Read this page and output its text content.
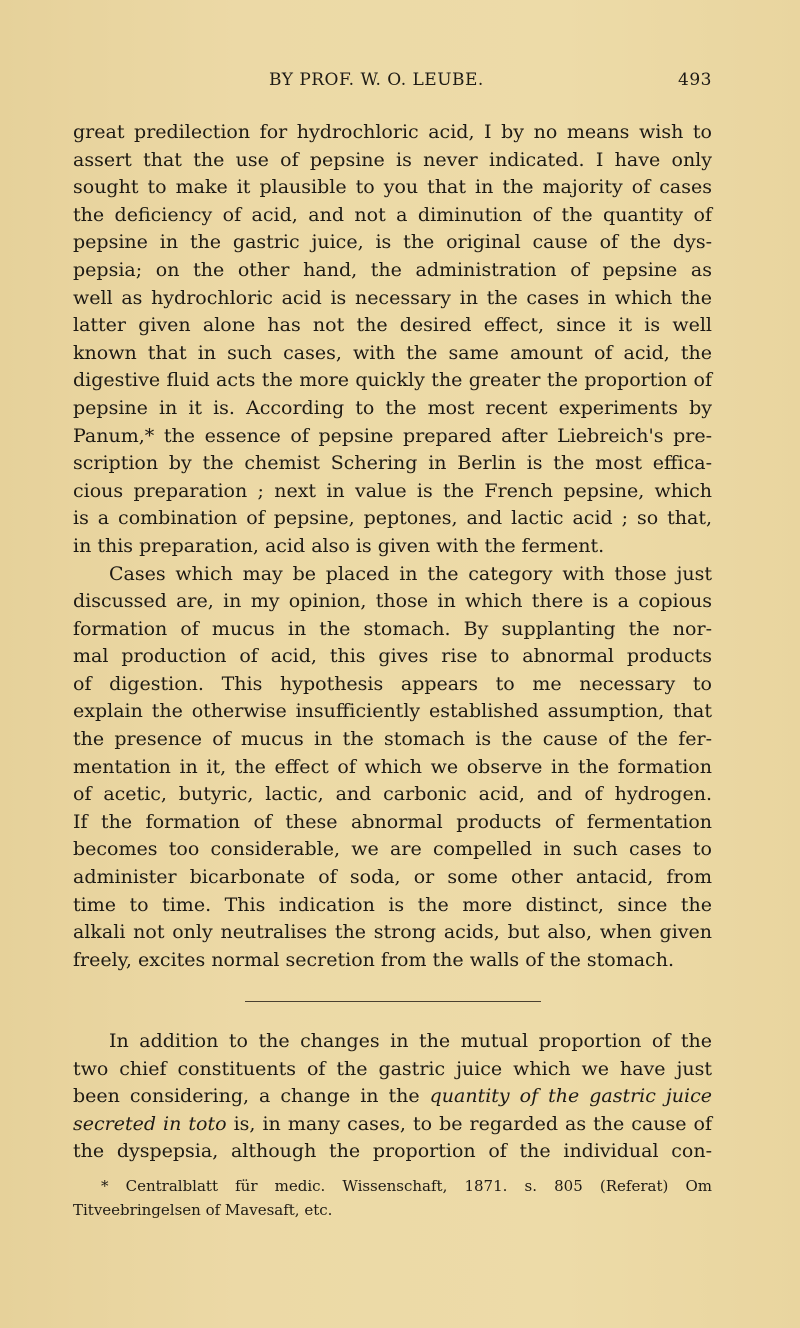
BY PROF. W. O. LEUBE.	493
great predilection for hydrochloric acid, I by no means wish to
assert that the use of pepsine is never indicated. I have only
sought to make it plausible to you that in the majority of cases
the deficiency of acid, and not a diminution of the quantity of
pepsine in the gastric juice, is the original cause of the dys-
pepsia; on the other hand, the administration of pepsine as
well as hydrochloric acid is necessary in the cases in which the
latter given alone has not the desired effect, since it is well
known that in such cases, with the same amount of acid, the
digestive fluid acts the more quickly the greater the proportion of
pepsine in it is. According to the most recent experiments by
Panum,* the essence of pepsine prepared after Liebreich's pre-
scription by the chemist Schering in Berlin is the most effica-
cious preparation ; next in value is the French pepsine, which
is a combination of pepsine, peptones, and lactic acid ; so that,
in this preparation, acid also is given with the ferment.
Cases which may be placed in the category with those just
discussed are, in my opinion, those in which there is a copious
formation of mucus in the stomach. By supplanting the nor-
mal production of acid, this gives rise to abnormal products
of digestion. This hypothesis appears to me necessary to
explain the otherwise insufficiently established assumption, that
the presence of mucus in the stomach is the cause of the fer-
mentation in it, the effect of which we observe in the formation
of acetic, butyric, lactic, and carbonic acid, and of hydrogen.
If the formation of these abnormal products of fermentation
becomes too considerable, we are compelled in such cases to
administer bicarbonate of soda, or some other antacid, from
time to time. This indication is the more distinct, since the
alkali not only neutralises the strong acids, but also, when given
freely, excites normal secretion from the walls of the stomach.
In addition to the changes in the mutual proportion of the
two chief constituents of the gastric juice which we have just
been considering, a change in the quantity of the gastric juice
secreted in toto is, in many cases, to be regarded as the cause of
the dyspepsia, although the proportion of the individual con-
* Centralblatt für medic. Wissenschaft, 1871. s. 805 (Referat) Om
Titveebringelsen of Mavesaft, etc.
